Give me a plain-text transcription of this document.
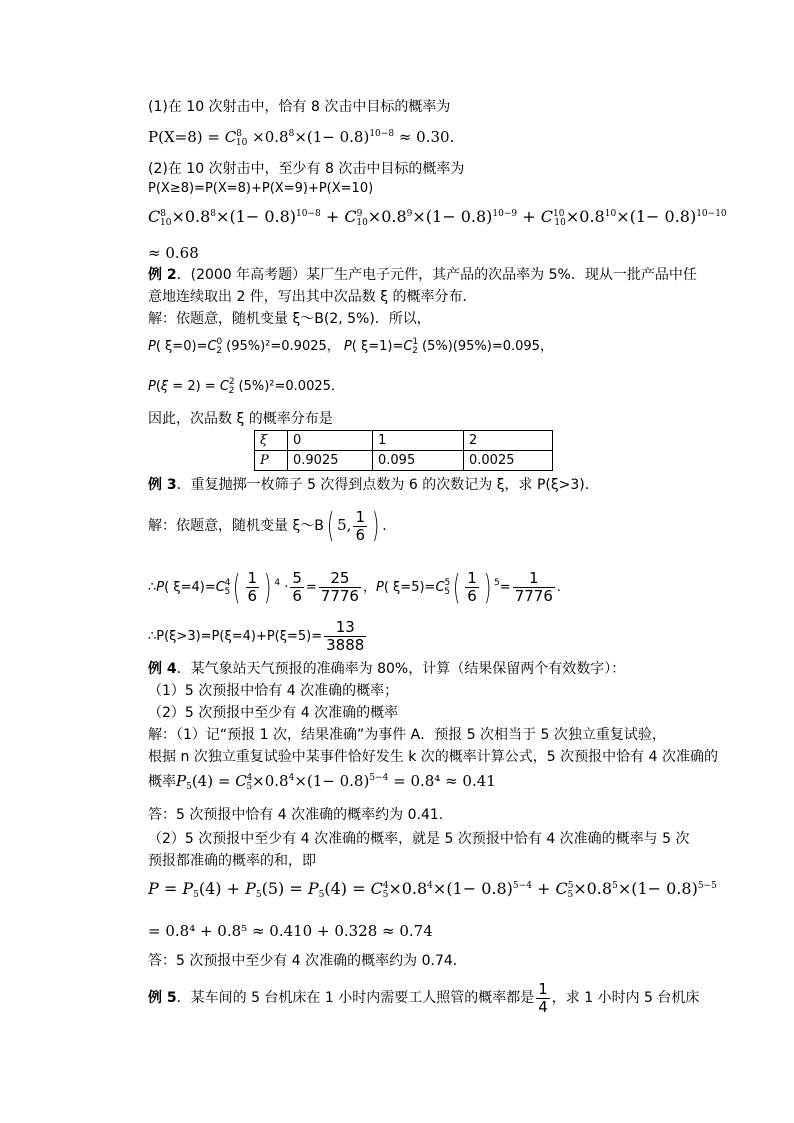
(1)在 10 次射击中，恰有 8 次击中目标的概率为
$P(X=8) = C^8_{10} \times 0.8^8\times(1- 0.8)^{10-8} \approx 0.30$.
(2)在 10 次射击中，至少有 8 次击中目标的概率为
P(X≥8)=P(X=8)+P(X=9)+P(X=10)
$C^8_{10}\times 0.8^8\times(1- 0.8)^{10-8} + C^9_{10}\times 0.8^9\times(1- 0.8)^{10-9} + C^{10}_{10}\times 0.8^{10}\times(1- 0.8)^{10-10}$
≈ 0.68
例 2．(2000 年高考题）某厂生产电子元件，其产品的次品率为 5%．现从一批产品中任
意地连续取出 2 件，写出其中次品数 ξ 的概率分布．
解：依题意，随机变量 ξ～B(2, 5%)．所以，
P( $\xi=0)=C^0_2$ (95%)²=0.9025， P( $\xi=1)=C^1_2$ (5%)(95%)=0.095，
$P(\xi = 2) = C^2_2$ (5%)²=0.0025．
因此，次品数 ξ 的概率分布是
ξ	0	1	2
P	0.9025	0.095	0.0025
例 3．重复抛掷一枚筛子 5 次得到点数为 6 的次数记为 ξ，求 P(ξ>3)．
解：依题意，随机变量 ξ～B( 5, $\frac{1}{6}$ ) .
∴P( $\xi=4)=C^4_5( \frac{1}{6}$ ) $^4 \cdot \frac{5}{6} = \frac{25}{7776}$ ，P( $\xi=5)=C^5_5( \frac{1}{6}$ ) $^5= \frac{1}{7776}$ .
∴P(ξ>3)=P(ξ=4)+P(ξ=5)= $\frac{13}{3888}$
例 4．某气象站天气预报的准确率为 80%，计算（结果保留两个有效数字）：
（1）5 次预报中恰有 4 次准确的概率；
（2）5 次预报中至少有 4 次准确的概率
解：（1）记“预报 1 次，结果准确”为事件 A．预报 5 次相当于 5 次独立重复试验，
根据 n 次独立重复试验中某事件恰好发生 k 次的概率计算公式，5 次预报中恰有 4 次准确的
概率$P_5(4) = C^4_5\times 0.8^4\times(1- 0.8)^{5-4} = 0.8^4 \approx 0.41$
答：5 次预报中恰有 4 次准确的概率约为 0.41.
（2）5 次预报中至少有 4 次准确的概率，就是 5 次预报中恰有 4 次准确的概率与 5 次
预报都准确的概率的和，即
$P = P_5(4) + P_5(5) = P_5(4) = C^4_5\times 0.8^4\times(1- 0.8)^{5-4} + C^5_5\times 0.8^5\times(1- 0.8)^{5-5}$
= 0.8⁴ + 0.8⁵ ≈ 0.410 + 0.328 ≈ 0.74
答：5 次预报中至少有 4 次准确的概率约为 0.74．
例 5．某车间的 5 台机床在 1 小时内需要工人照管的概率都是 $\frac{1}{4}$ ，求 1 小时内 5 台机床
